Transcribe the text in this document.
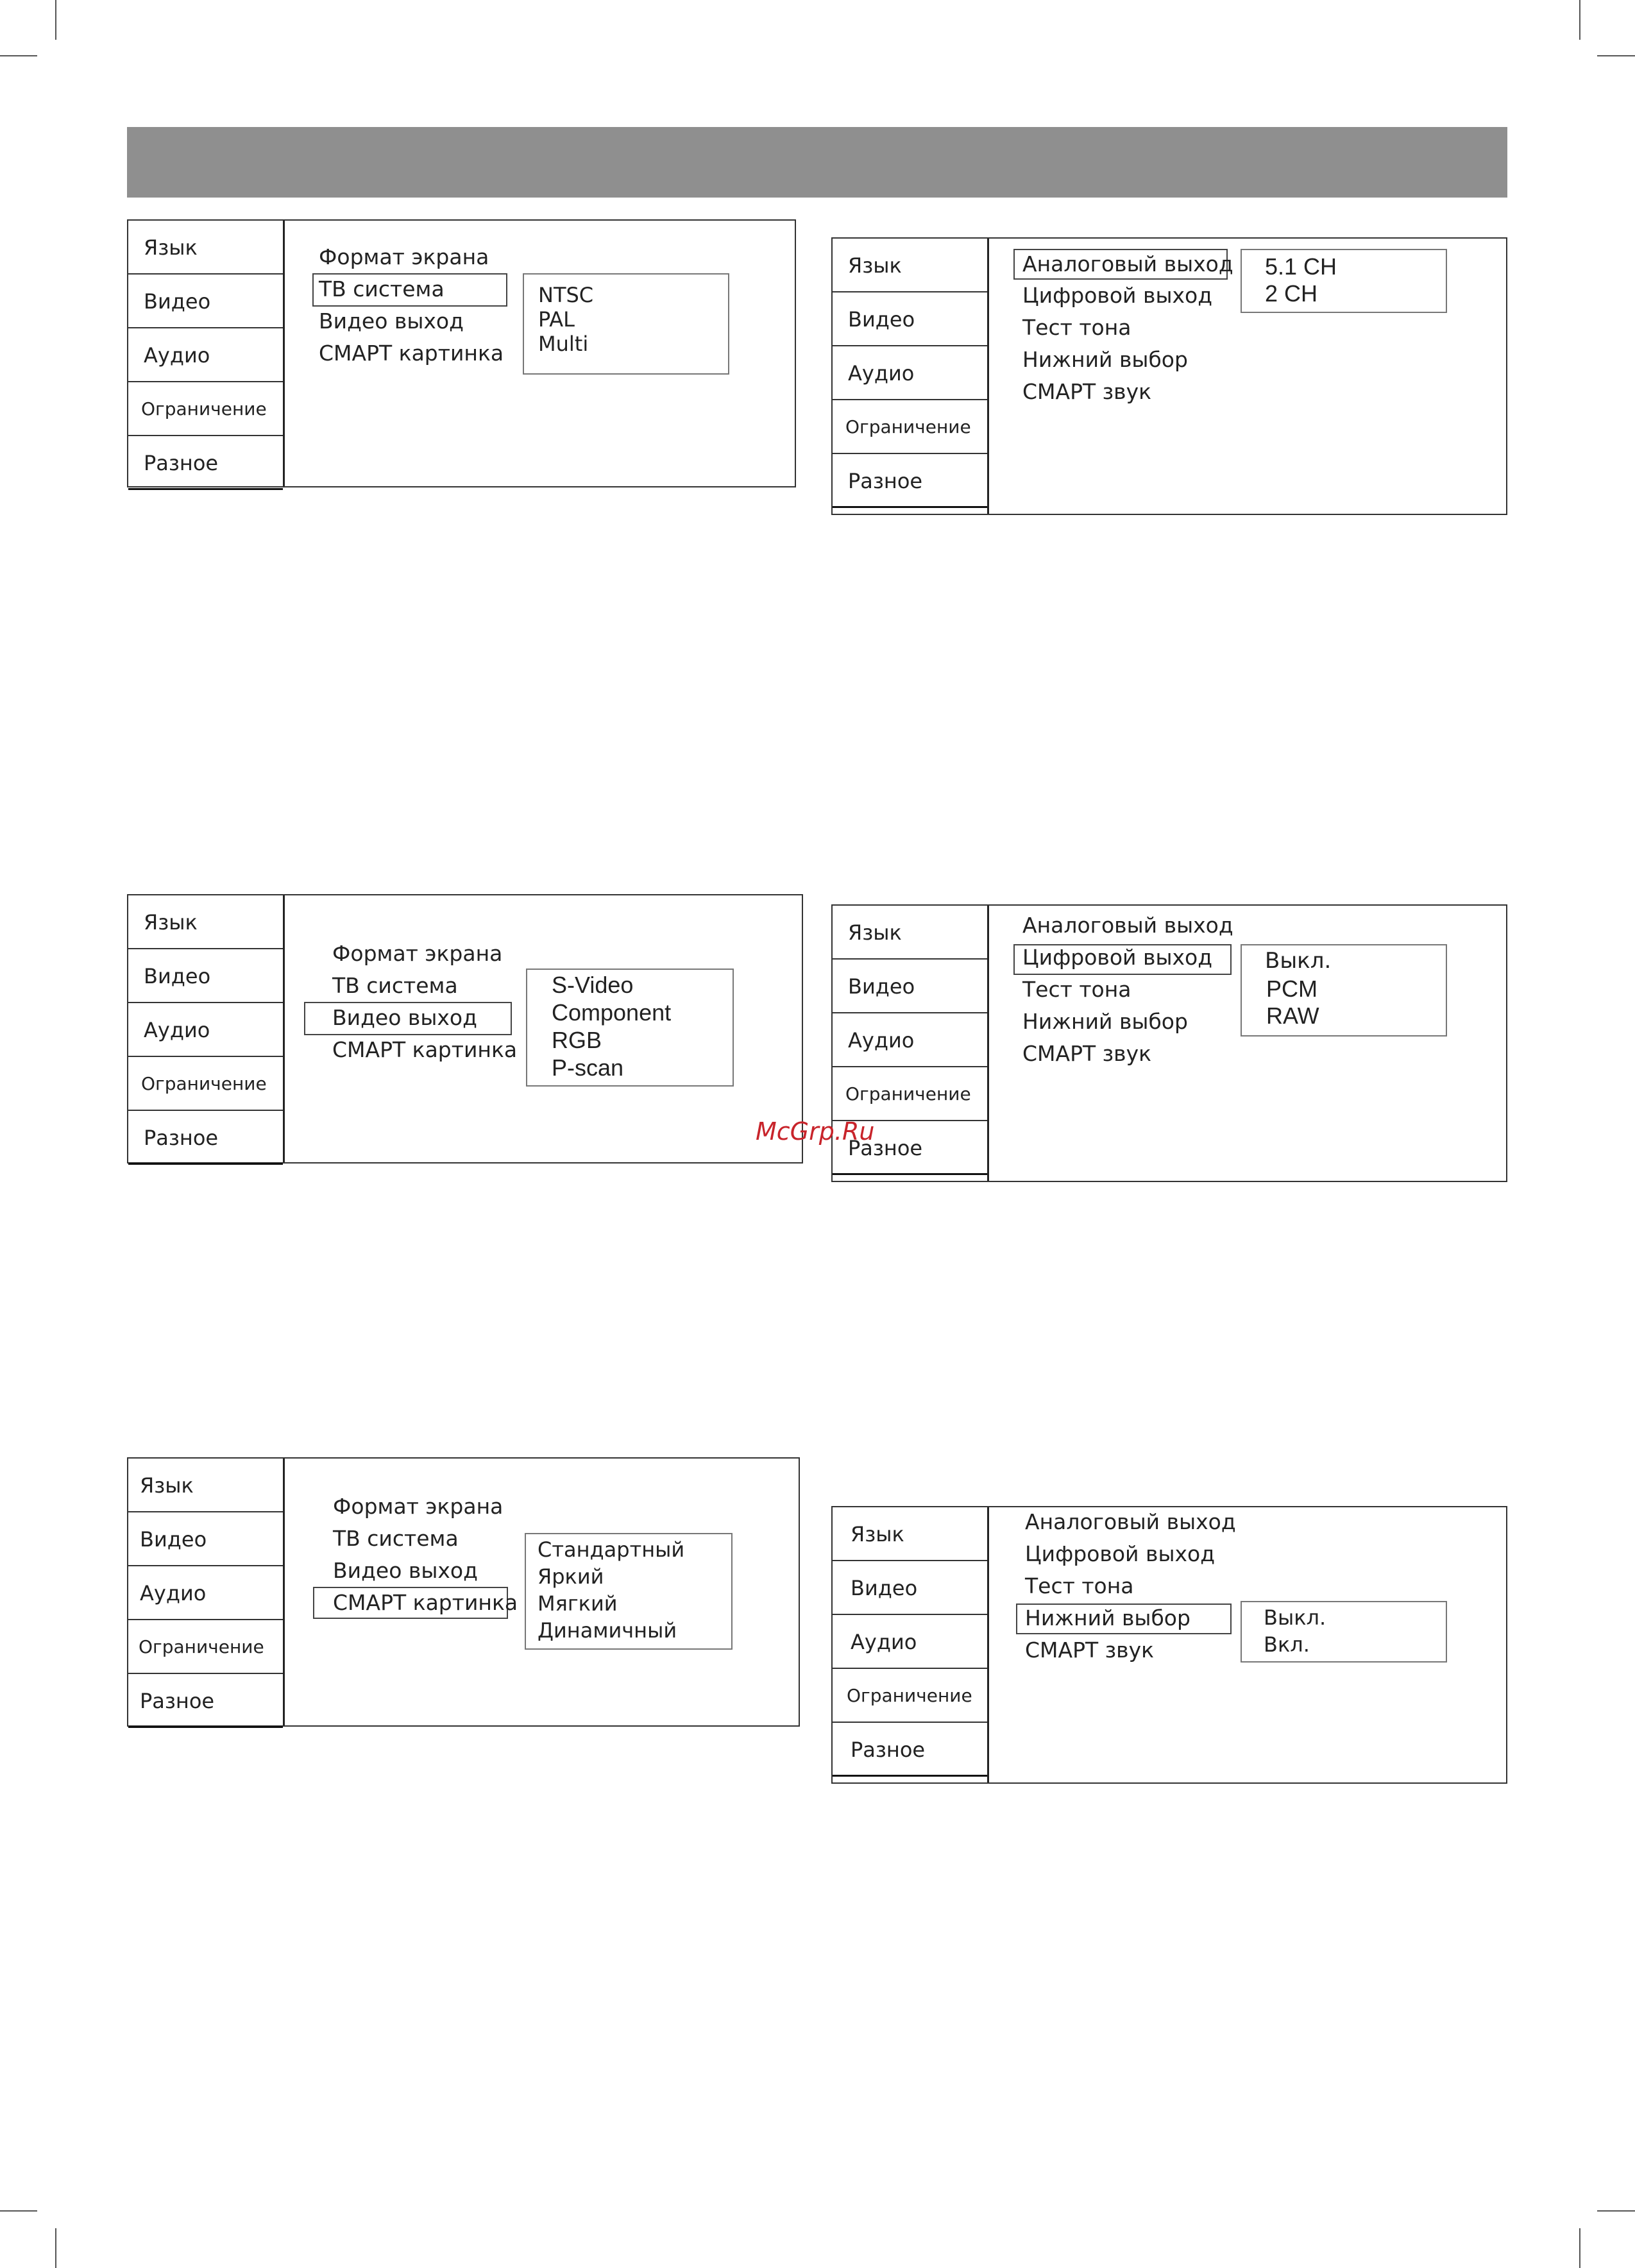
Язык
Видео
Аудио
Ограничение
Разное
Формат экрана
ТВ система
Видео выход
СМАРТ картинка
NTSC
PAL
Multi
Язык
Видео
Аудио
Ограничение
Разное
Аналоговый выход
Цифровой выход
Тест тона
Нижний выбор
СМАРТ звук
5.1 CH
2 CH
Язык
Видео
Аудио
Ограничение
Разное
Формат экрана
ТВ система
Видео выход
СМАРТ картинка
S-Video
Component
RGB
P-scan
Язык
Видео
Аудио
Ограничение
Разное
Аналоговый выход
Цифровой выход
Тест тона
Нижний выбор
СМАРТ звук
Выкл.
PCM
RAW
Язык
Видео
Аудио
Ограничение
Разное
Формат экрана
ТВ система
Видео выход
СМАРТ картинка
Стандартный
Яркий
Мягкий
Динамичный
Язык
Видео
Аудио
Ограничение
Разное
Аналоговый выход
Цифровой выход
Тест тона
Нижний выбор
СМАРТ звук
Выкл.
Вкл.
McGrp.Ru
